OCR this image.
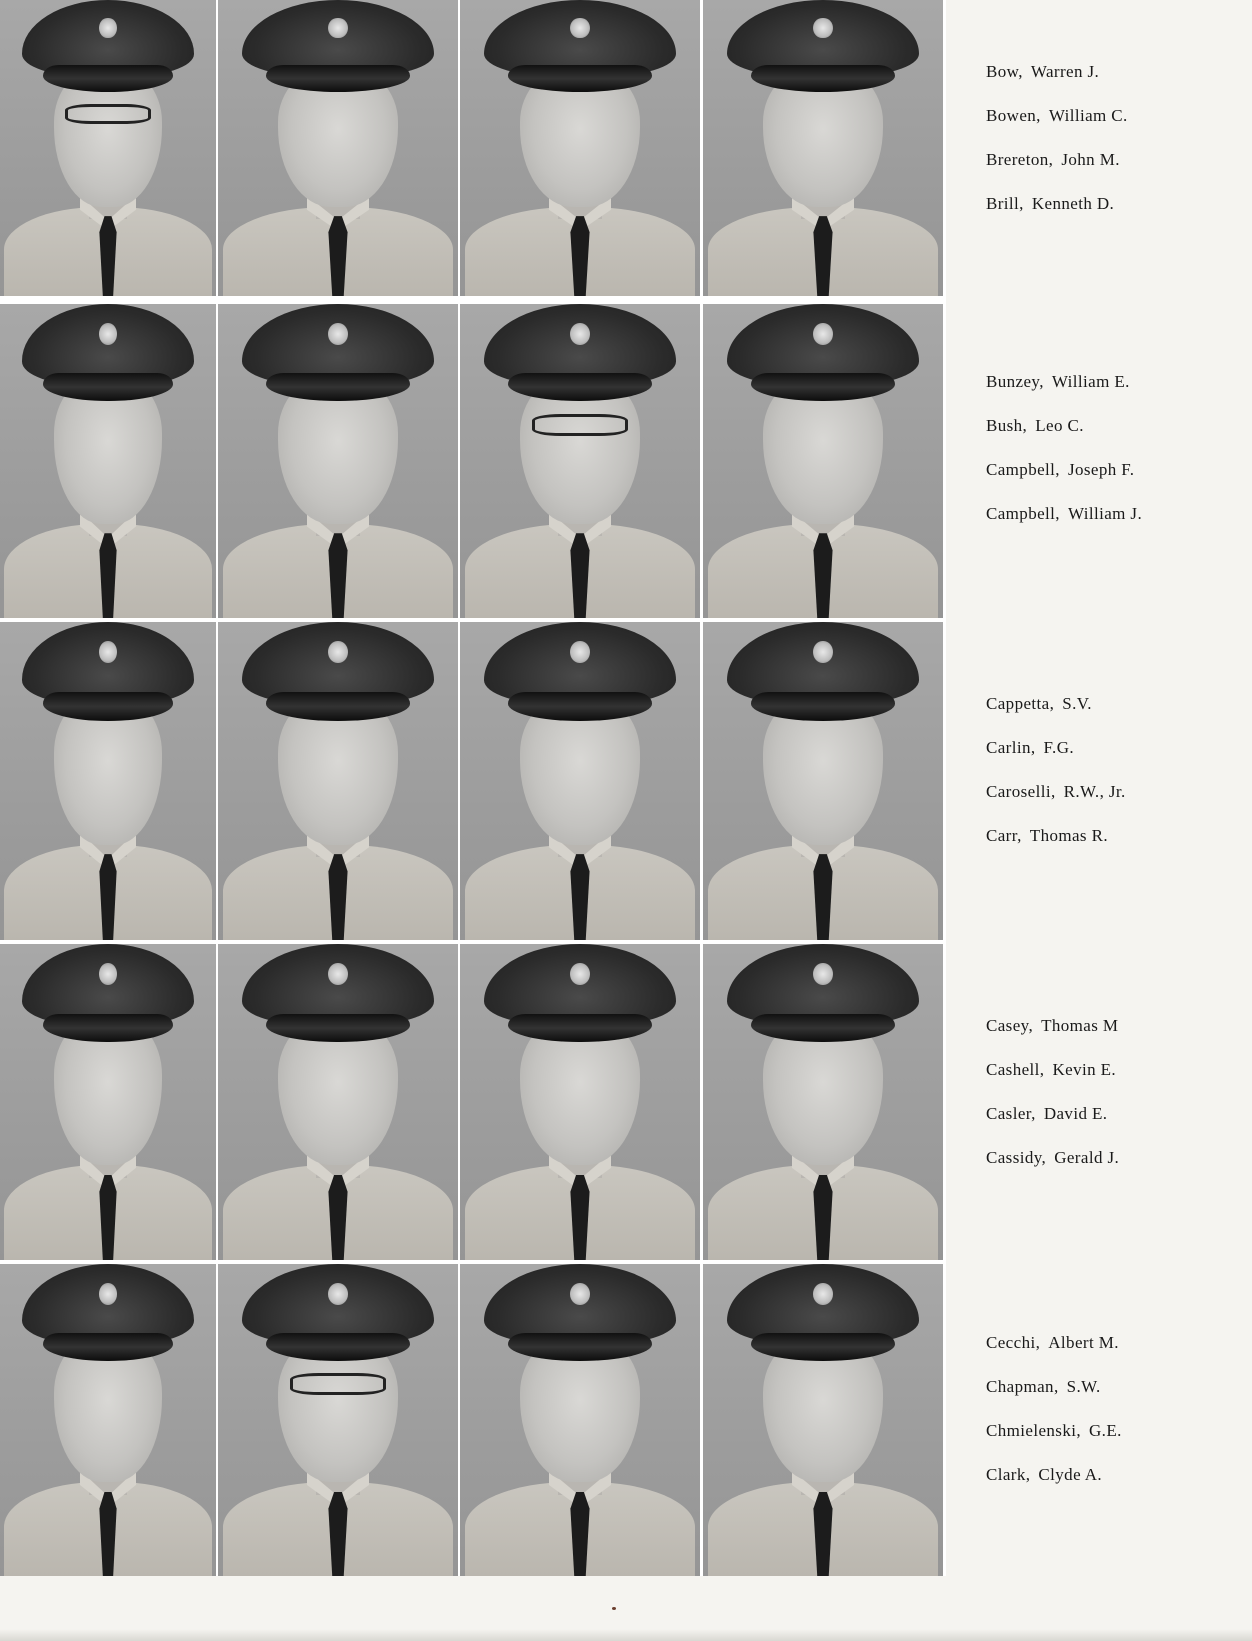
Bow, Warren J.
Bowen, William C.
Brereton, John M.
Brill, Kenneth D.
Bunzey, William E.
Bush, Leo C.
Campbell, Joseph F.
Campbell, William J.
Cappetta, S.V.
Carlin, F.G.
Caroselli, R.W., Jr.
Carr, Thomas R.
Casey, Thomas M
Cashell, Kevin E.
Casler, David E.
Cassidy, Gerald J.
Cecchi, Albert M.
Chapman, S.W.
Chmielenski, G.E.
Clark, Clyde A.
